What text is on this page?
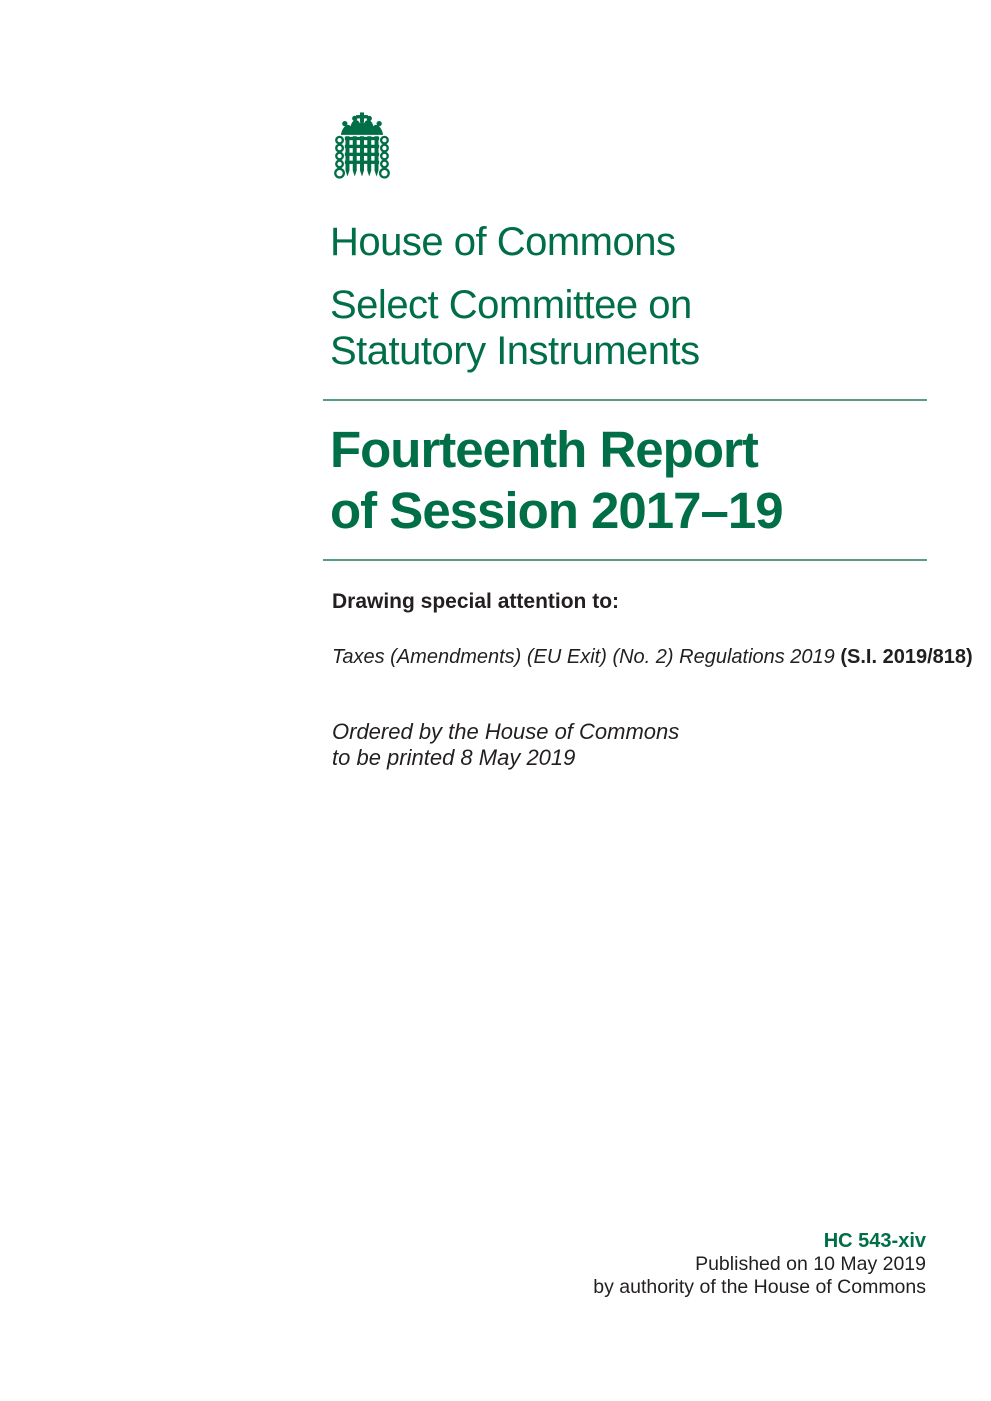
House of Commons
Select Committee on
Statutory Instruments
Fourteenth Report
of Session 2017–19
Drawing special attention to:
Taxes (Amendments) (EU Exit) (No. 2) Regulations 2019 (S.I. 2019/818)
Ordered by the House of Commons
to be printed 8 May 2019
HC 543-xiv
Published on 10 May 2019
by authority of the House of Commons
